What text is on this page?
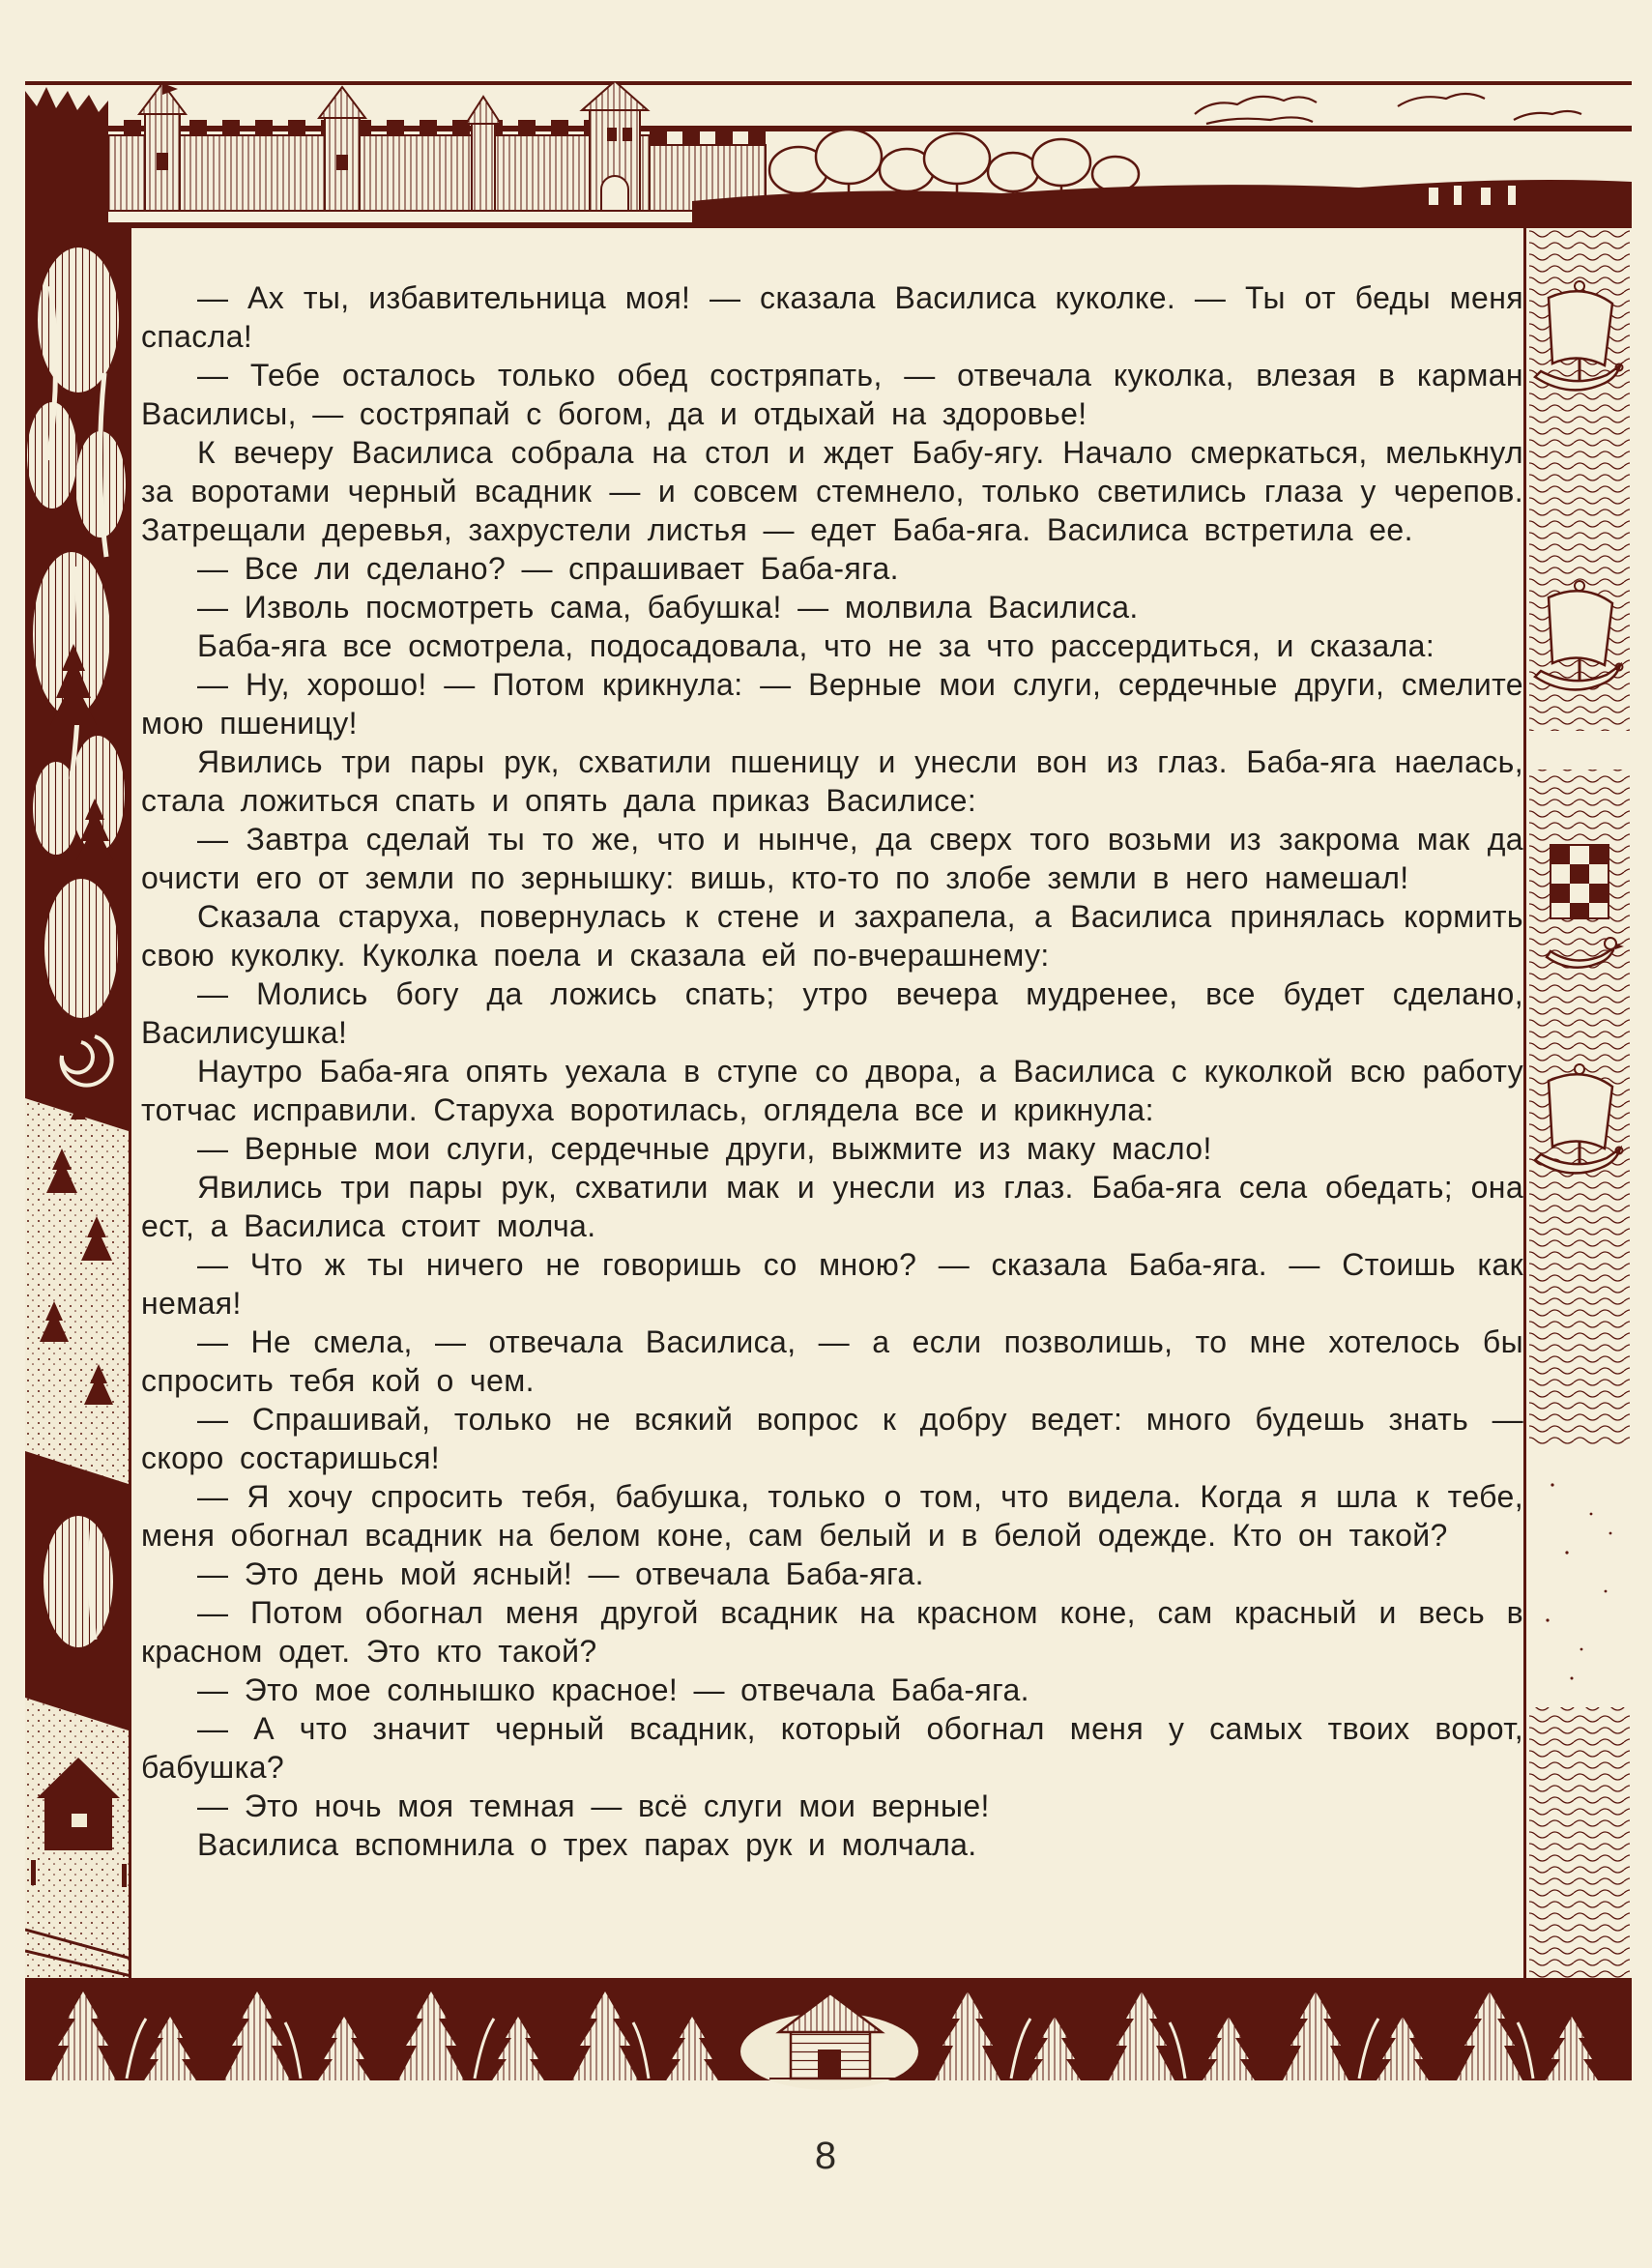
— Ах ты, избавительница моя! — сказала Василиса куколке. — Ты от беды меня спасла!

— Тебе осталось только обед состряпать, — отвечала куколка, влезая в карман Василисы, — состряпай с богом, да и отдыхай на здоровье!

К вечеру Василиса собрала на стол и ждет Бабу-ягу. Начало смеркаться, мелькнул за воротами черный всадник — и совсем стемнело, только светились глаза у черепов. Затрещали деревья, захрустели листья — едет Баба-яга. Василиса встретила ее.

— Все ли сделано? — спрашивает Баба-яга.

— Изволь посмотреть сама, бабушка! — молвила Василиса.

Баба-яга все осмотрела, подосадовала, что не за что рассердиться, и сказала:

— Ну, хорошо! — Потом крикнула: — Верные мои слуги, сердечные други, смелите мою пшеницу!

Явились три пары рук, схватили пшеницу и унесли вон из глаз. Баба-яга наелась, стала ложиться спать и опять дала приказ Василисе:

— Завтра сделай ты то же, что и нынче, да сверх того возьми из закрома мак да очисти его от земли по зернышку: вишь, кто-то по злобе земли в него намешал!

Сказала старуха, повернулась к стене и захрапела, а Василиса принялась кормить свою куколку. Куколка поела и сказала ей по-вчерашнему:

— Молись богу да ложись спать; утро вечера мудренее, все будет сделано, Василисушка!

Наутро Баба-яга опять уехала в ступе со двора, а Василиса с куколкой всю работу тотчас исправили. Старуха воротилась, оглядела все и крикнула:

— Верные мои слуги, сердечные други, выжмите из маку масло!

Явились три пары рук, схватили мак и унесли из глаз. Баба-яга села обедать; она ест, а Василиса стоит молча.

— Что ж ты ничего не говоришь со мною? — сказала Баба-яга. — Стоишь как немая!

— Не смела, — отвечала Василиса, — а если позволишь, то мне хотелось бы спросить тебя кой о чем.

— Спрашивай, только не всякий вопрос к добру ведет: много будешь знать — скоро состаришься!

— Я хочу спросить тебя, бабушка, только о том, что видела. Когда я шла к тебе, меня обогнал всадник на белом коне, сам белый и в белой одежде. Кто он такой?

— Это день мой ясный! — отвечала Баба-яга.

— Потом обогнал меня другой всадник на красном коне, сам красный и весь в красном одет. Это кто такой?

— Это мое солнышко красное! — отвечала Баба-яга.

— А что значит черный всадник, который обогнал меня у самых твоих ворот, бабушка?

— Это ночь моя темная — всё слуги мои верные!

Василиса вспомнила о трех парах рук и молчала.

8
